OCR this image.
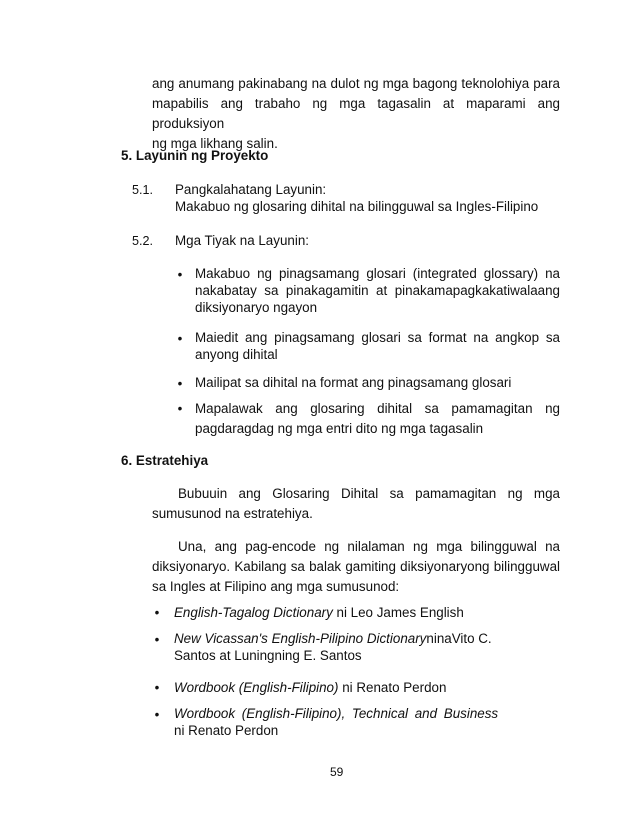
ang anumang pakinabang na dulot ng mga bagong teknolohiya para
mapabilis ang trabaho ng mga tagasalin at maparami ang produksiyon
ng mga likhang salin.
5. Layunin ng Proyekto
5.1. Pangkalahatang Layunin:
Makabuo ng glosaring dihital na bilingguwal sa Ingles-Filipino
5.2. Mga Tiyak na Layunin:
• Makabuo ng pinagsamang glosari (integrated glossary) na
nakabatay sa pinakagamitin at pinakamapagkakatiwalaang
diksiyonaryo ngayon
• Maiedit ang pinagsamang glosari sa format na angkop sa
anyong dihital
• Mailipat sa dihital na format ang pinagsamang glosari
• Mapalawak ang glosaring dihital sa pamamagitan ng
pagdaragdag ng mga entri dito ng mga tagasalin
6. Estratehiya
Bubuuin ang Glosaring Dihital sa pamamagitan ng mga
sumusunod na estratehiya.
Una, ang pag-encode ng nilalaman ng mga bilingguwal na
diksiyonaryo. Kabilang sa balak gamiting diksiyonaryong bilingguwal
sa Ingles at Filipino ang mga sumusunod:
• English-Tagalog Dictionary ni Leo James English
• New Vicassan's English-Pilipino DictionaryninaVito C.
Santos at Luningning E. Santos
• Wordbook (English-Filipino) ni Renato Perdon
• Wordbook (English-Filipino), Technical and Business
ni Renato Perdon
59
